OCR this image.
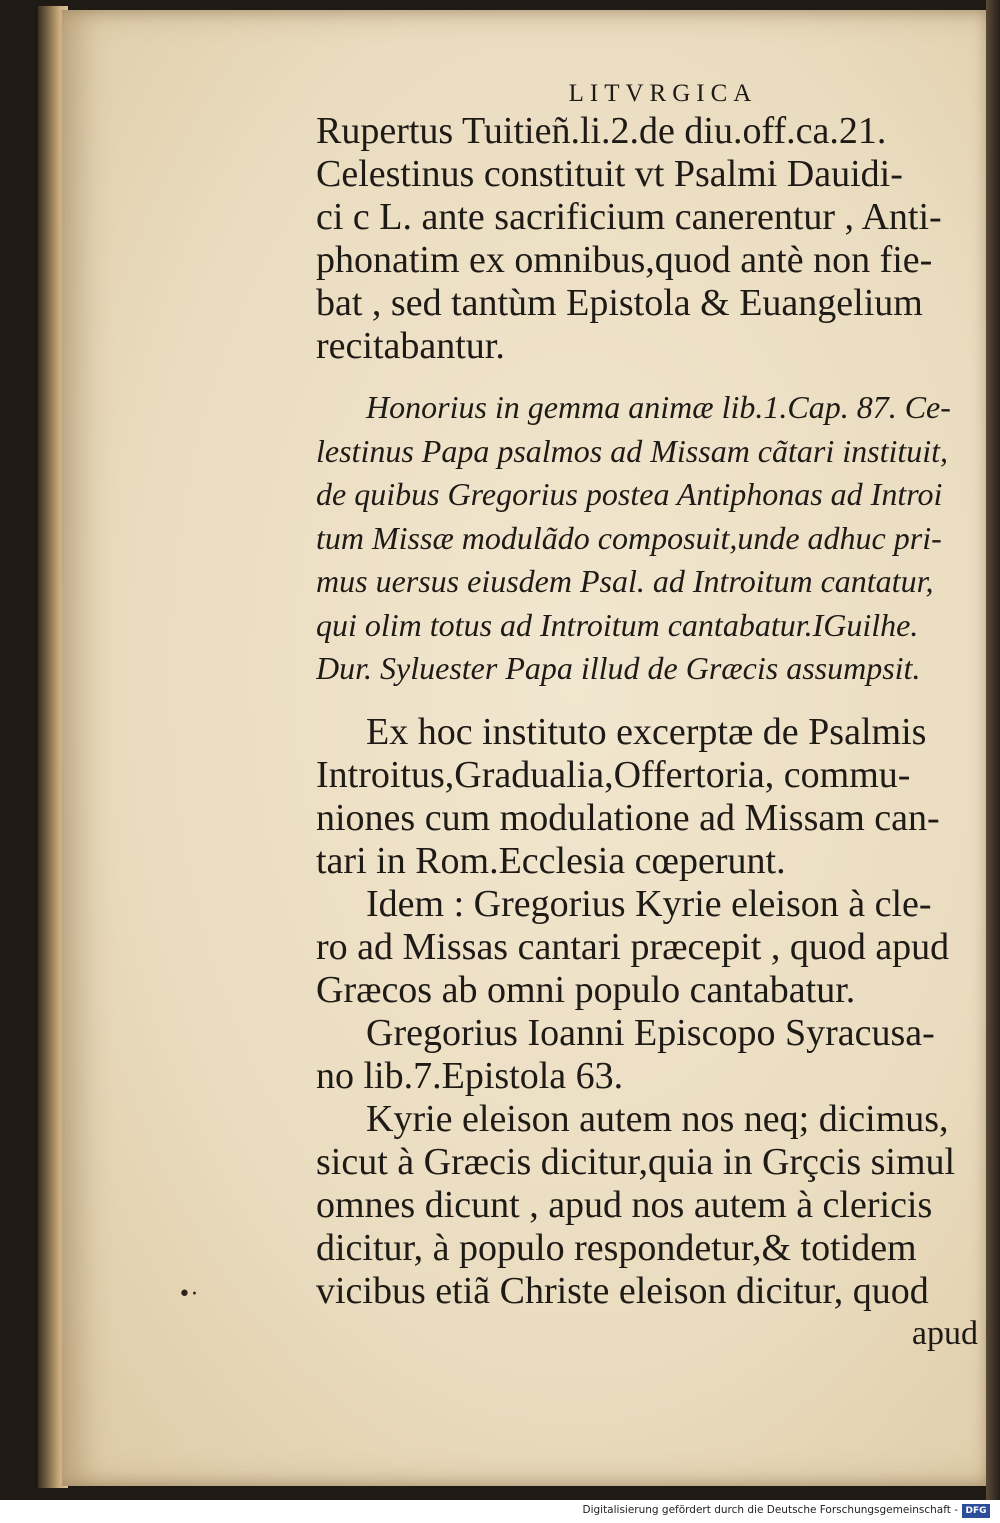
•·
LITVRGICA

Rupertus Tuitieñ.li.2.de diu.off.ca.21.
Celestinus constituit vt Psalmi Dauidi-
ci c L. ante sacrificium canerentur , Anti-
phonatim ex omnibus,quod antè non fie-
bat , sed tantùm Epistola & Euangelium
recitabantur.

Honorius in gemma animæ lib.1.Cap. 87. Ce-
lestinus Papa psalmos ad Missam cãtari instituit,
de quibus Gregorius postea Antiphonas ad Introi
tum Missæ modulãdo composuit,unde adhuc pri-
mus uersus eiusdem Psal. ad Introitum cantatur,
qui olim totus ad Introitum cantabatur.IGuilhe.
Dur. Syluester Papa illud de Græcis assumpsit.

Ex hoc instituto excerptæ de Psalmis
Introitus,Gradualia,Offertoria, commu-
niones cum modulatione ad Missam can-
tari in Rom.Ecclesia cœperunt.

Idem : Gregorius Kyrie eleison à cle-
ro ad Missas cantari præcepit , quod apud
Græcos ab omni populo cantabatur.

Gregorius Ioanni Episcopo Syracusa-
no lib.7.Epistola 63.

Kyrie eleison autem nos neq; dicimus,
sicut à Græcis dicitur,quia in Grçcis simul
omnes dicunt , apud nos autem à clericis
dicitur, à populo respondetur,& totidem
vicibus etiã Christe eleison dicitur, quod

apud
Digitalisierung gefördert durch die Deutsche Forschungsgemeinschaft - DFG
